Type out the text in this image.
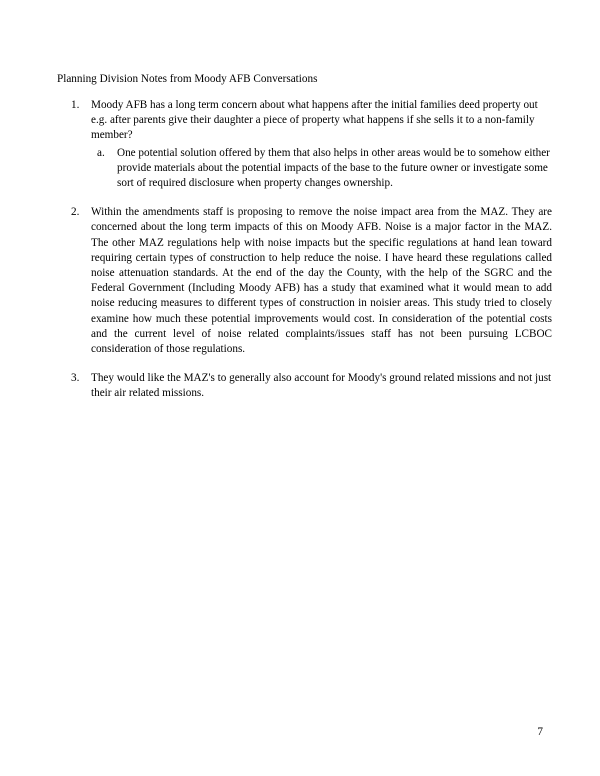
Planning Division Notes from Moody AFB Conversations
1.	Moody AFB has a long term concern about what happens after the initial families deed property out e.g. after parents give their daughter a piece of property what happens if she sells it to a non-family member?
a.	One potential solution offered by them that also helps in other areas would be to somehow either provide materials about the potential impacts of the base to the future owner or investigate some sort of required disclosure when property changes ownership.
2.	Within the amendments staff is proposing to remove the noise impact area from the MAZ. They are concerned about the long term impacts of this on Moody AFB. Noise is a major factor in the MAZ. The other MAZ regulations help with noise impacts but the specific regulations at hand lean toward requiring certain types of construction to help reduce the noise. I have heard these regulations called noise attenuation standards. At the end of the day the County, with the help of the SGRC and the Federal Government (Including Moody AFB) has a study that examined what it would mean to add noise reducing measures to different types of construction in noisier areas. This study tried to closely examine how much these potential improvements would cost. In consideration of the potential costs and the current level of noise related complaints/issues staff has not been pursuing LCBOC consideration of those regulations.
3.	They would like the MAZ's to generally also account for Moody's ground related missions and not just their air related missions.
7
